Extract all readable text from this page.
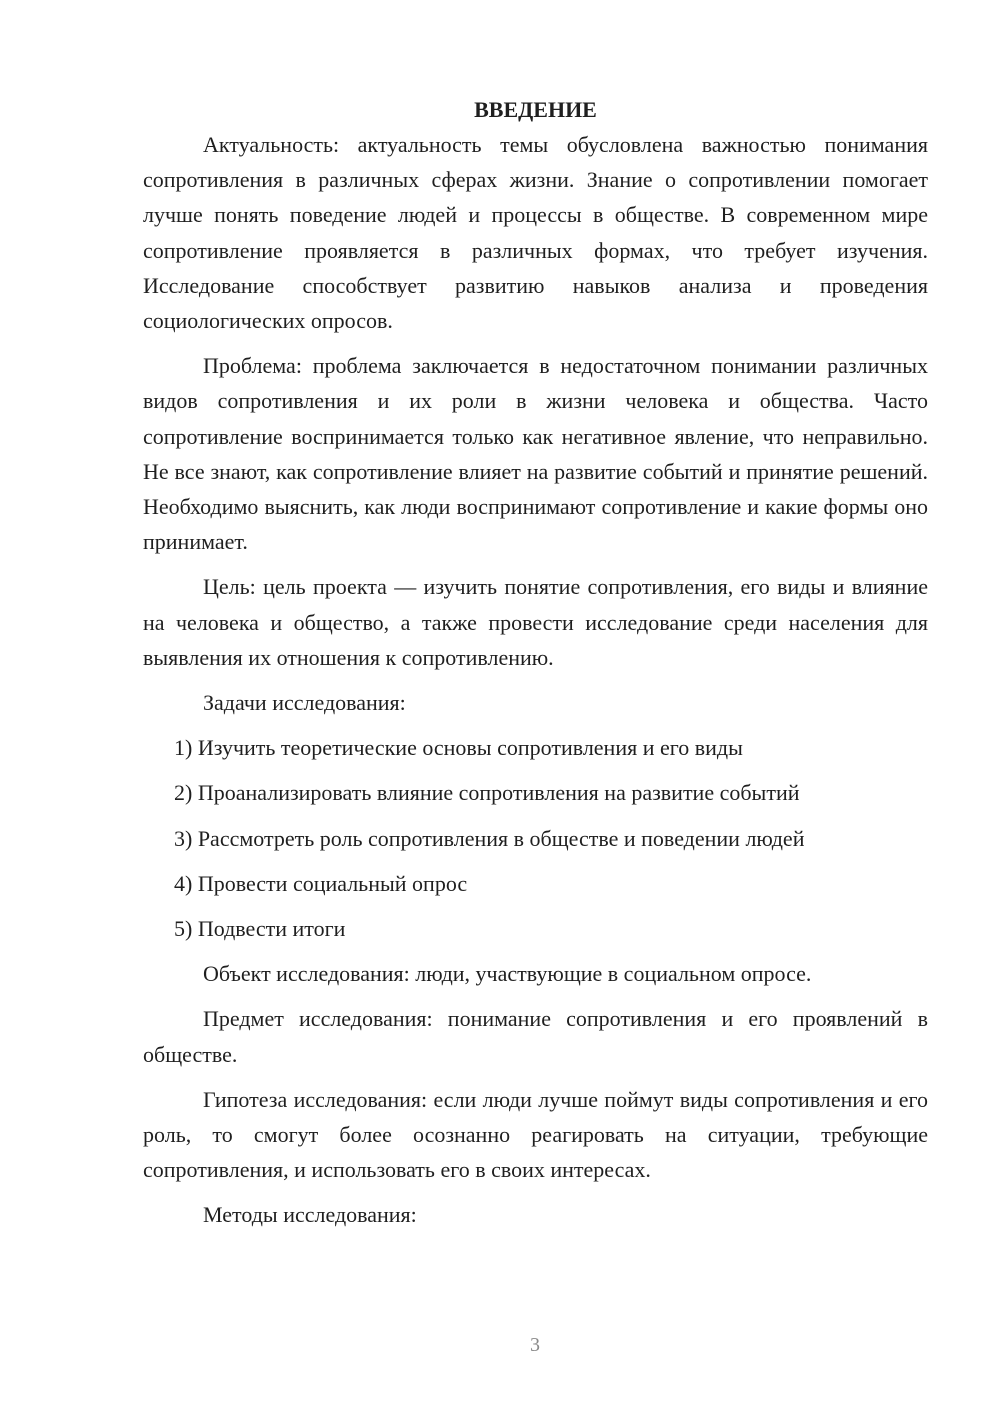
ВВЕДЕНИЕ

Актуальность: актуальность темы обусловлена важностью понимания сопротивления в различных сферах жизни. Знание о сопротивлении помогает лучше понять поведение людей и процессы в обществе. В современном мире сопротивление проявляется в различных формах, что требует изучения. Исследование способствует развитию навыков анализа и проведения социологических опросов.

Проблема: проблема заключается в недостаточном понимании различных видов сопротивления и их роли в жизни человека и общества. Часто сопротивление воспринимается только как негативное явление, что неправильно. Не все знают, как сопротивление влияет на развитие событий и принятие решений. Необходимо выяснить, как люди воспринимают сопротивление и какие формы оно принимает.

Цель: цель проекта — изучить понятие сопротивления, его виды и влияние на человека и общество, а также провести исследование среди населения для выявления их отношения к сопротивлению.

Задачи исследования:

1) Изучить теоретические основы сопротивления и его виды
2) Проанализировать влияние сопротивления на развитие событий
3) Рассмотреть роль сопротивления в обществе и поведении людей
4) Провести социальный опрос
5) Подвести итоги

Объект исследования: люди, участвующие в социальном опросе.

Предмет исследования: понимание сопротивления и его проявлений в обществе.

Гипотеза исследования: если люди лучше поймут виды сопротивления и его роль, то смогут более осознанно реагировать на ситуации, требующие сопротивления, и использовать его в своих интересах.

Методы исследования:

3
